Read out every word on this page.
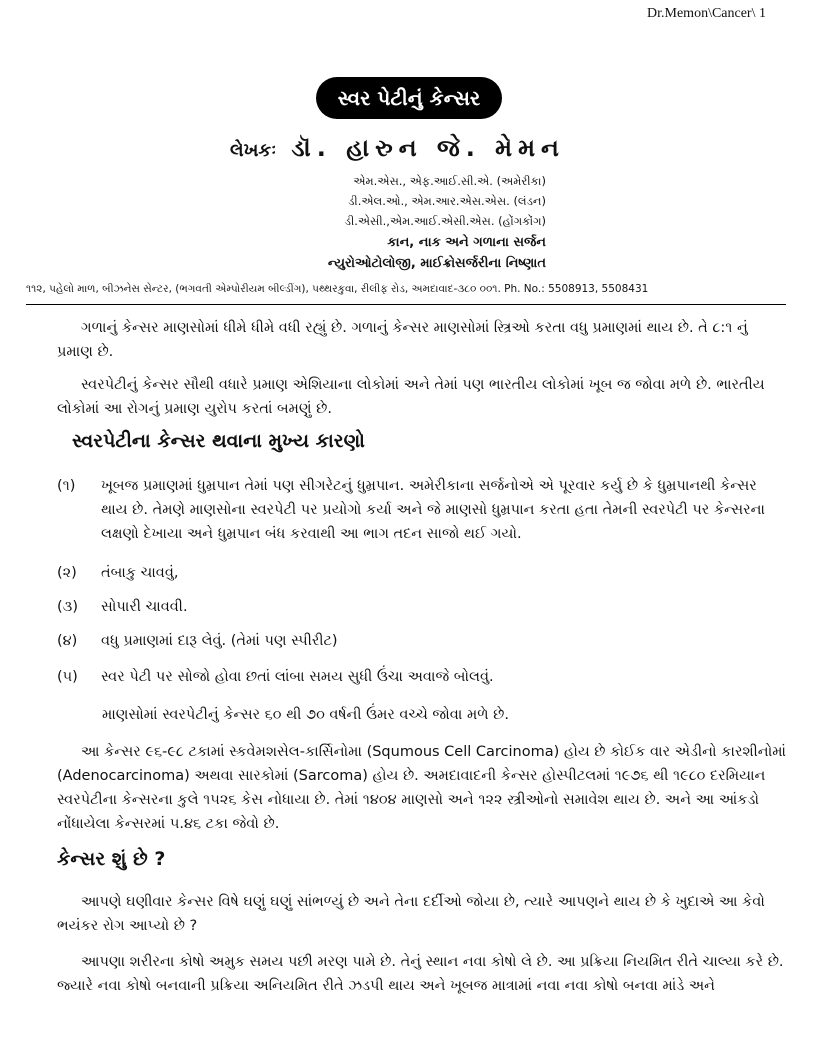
Dr.Memon\Cancer\ 1
સ્વર પેટીનું કેન્સર
લેખકઃ ડૉ. હારુન જે. મેમન
એમ.એસ., એફ.આઈ.સી.એ. (અમેરીકા)
ડી.એલ.ઓ., એમ.આર.એસ.એસ. (લંડન)
ડી.એસી.,એમ.આઈ.એસી.એસ. (હોંગકોંગ)
કાન, નાક અને ગળાના સર્જન
ન્યુરોઓટોલોજી, માઈક્રોસર્જરીના નિષ્ણાત
૧૧૨, પહેલો માળ, બીઝનેસ સેન્ટર, (ભગવતી એમ્પોરીયમ બીલ્ડીંગ), પથ્થરકુવા, રીલીફ રોડ, અમદાવાદ-૩૮૦ ૦૦૧. Ph. No.: 5508913, 5508431

ગળાનું કેન્સર માણસોમાં ધીમે ધીમે વધી રહ્યું છે. ગળાનું કેન્સર માણસોમાં સ્ત્રિઓ કરતા વધુ પ્રમાણમાં થાય છે. તે ૮:૧ નું પ્રમાણ છે.

સ્વરપેટીનું કેન્સર સૌથી વધારે પ્રમાણ એશિયાના લોકોમાં અને તેમાં પણ ભારતીય લોકોમાં ખૂબ જ જોવા મળે છે. ભારતીય લોકોમાં આ રોગનું પ્રમાણ યુરોપ કરતાં બમણું છે.

સ્વરપેટીના કેન્સર થવાના મુખ્ય કારણો
(૧)	ખૂબજ પ્રમાણમાં ધુમ્રપાન તેમાં પણ સીગરેટનું ધુમ્રપાન. અમેરીકાના સર્જનોએ એ પૂરવાર કર્યુ છે કે ધુમ્રપાનથી કેન્સર થાય છે. તેમણે માણસોના સ્વરપેટી પર પ્રયોગો કર્યા અને જે માણસો ધુમ્રપાન કરતા હતા તેમની સ્વરપેટી પર કેન્સરના લક્ષણો દેખાયા અને ધુમ્રપાન બંધ કરવાથી આ ભાગ તદન સાજો થઈ ગયો.
(૨)	તંબાકુ ચાવવું,
(૩)	સોપારી ચાવવી.
(૪)	વધુ પ્રમાણમાં દારૂ લેવું. (તેમાં પણ સ્પીરીટ)
(૫)	સ્વર પેટી પર સોજો હોવા છતાં લાંબા સમય સુધી ઉંચા અવાજે બોલવું.

માણસોમાં સ્વરપેટીનું કેન્સર ૬૦ થી ૭૦ વર્ષની ઉંમર વચ્ચે જોવા મળે છે.

આ કેન્સર ૯૬-૯૮ ટકામાં સ્કવેમશસેલ-કાર્સિનોમા (Squmous Cell Carcinoma) હોય છે કોઈક વાર એડીનો કારશીનોમાં (Adenocarcinoma) અથવા સારકોમાં (Sarcoma) હોય છે. અમદાવાદની કેન્સર હોસ્પીટલમાં ૧૯૭૬ થી ૧૯૮૦ દરમિયાન સ્વરપેટીના કેન્સરના કુલે ૧૫૨૬ કેસ નોધાયા છે. તેમાં ૧૪૦૪ માણસો અને ૧૨૨ સ્ત્રીઓનો સમાવેશ થાય છે. અને આ આંકડો નોંધાયેલા કેન્સરમાં ૫.૪૬ ટકા જેવો છે.

કેન્સર શું છે ?

આપણે ઘણીવાર કેન્સર વિષે ઘણું ઘણું સાંભળ્યું છે અને તેના દર્દીઓ જોયા છે, ત્યારે આપણને થાય છે કે ખુદાએ આ કેવો ભયંકર રોગ આપ્યો છે ?

આપણા શરીરના કોષો અમુક સમય પછી મરણ પામે છે. તેનું સ્થાન નવા કોષો લે છે. આ પ્રક્રિયા નિયમિત રીતે ચાલ્યા કરે છે. જ્યારે નવા કોષો બનવાની પ્રક્રિયા અનિયમિત રીતે ઝડપી થાય અને ખૂબજ માત્રામાં નવા નવા કોષો બનવા માંડે અને
